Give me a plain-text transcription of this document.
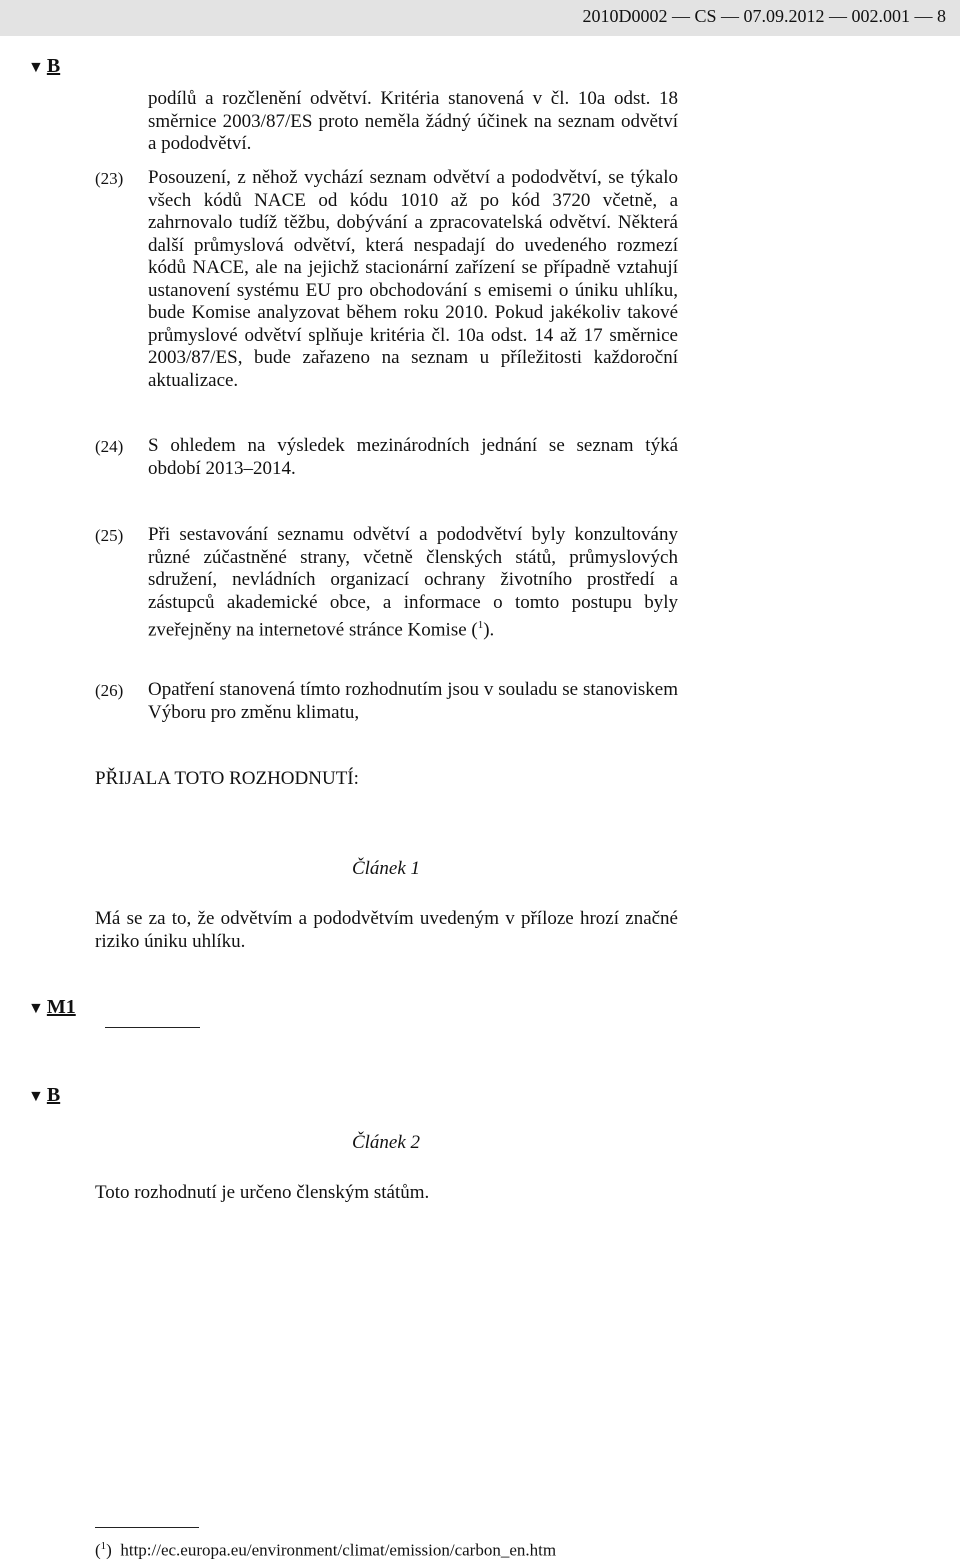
2010D0002 — CS — 07.09.2012 — 002.001 — 8
▼ B
podílů a rozčlenění odvětví. Kritéria stanovená v čl. 10a odst. 18 směrnice 2003/87/ES proto neměla žádný účinek na seznam odvětví a pododvětví.
(23) Posouzení, z něhož vychází seznam odvětví a pododvětví, se týkalo všech kódů NACE od kódu 1010 až po kód 3720 včetně, a zahrnovalo tudíž těžbu, dobývání a zpracovatelská odvětví. Některá další průmyslová odvětví, která nespadají do uvedeného rozmezí kódů NACE, ale na jejichž stacionární zařízení se případně vztahují ustanovení systému EU pro obchodování s emisemi o úniku uhlíku, bude Komise analyzovat během roku 2010. Pokud jakékoliv takové průmyslové odvětví splňuje kritéria čl. 10a odst. 14 až 17 směrnice 2003/87/ES, bude zařazeno na seznam u příležitosti každoroční aktualizace.
(24) S ohledem na výsledek mezinárodních jednání se seznam týká období 2013–2014.
(25) Při sestavování seznamu odvětví a pododvětví byly konzultovány různé zúčastněné strany, včetně členských států, průmyslových sdružení, nevládních organizací ochrany životního prostředí a zástupců akademické obce, a informace o tomto postupu byly zveřejněny na internetové stránce Komise ($^1$).
(26) Opatření stanovená tímto rozhodnutím jsou v souladu se stanoviskem Výboru pro změnu klimatu,
PŘIJALA TOTO ROZHODNUTÍ:
Článek 1
Má se za to, že odvětvím a pododvětvím uvedeným v příloze hrozí značné riziko úniku uhlíku.
▼ M1
▼ B
Článek 2
Toto rozhodnutí je určeno členským státům.
($^1$)  http://ec.europa.eu/environment/climat/emission/carbon_en.htm
